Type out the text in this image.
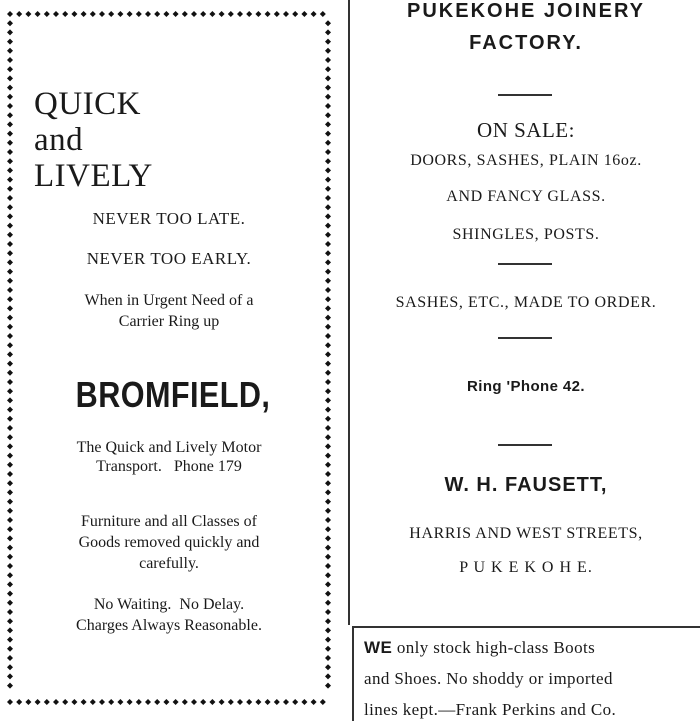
QUICK
and
LIVELY
NEVER TOO LATE.
NEVER TOO EARLY.
When in Urgent Need of a
Carrier Ring up
BROMFIELD,
The Quick and Lively Motor
Transport.   Phone 179
Furniture and all Classes of
Goods removed quickly and
carefully.
No Waiting.  No Delay.
Charges Always Reasonable.
PUKEKOHE JOINERY
FACTORY.
ON SALE:
DOORS, SASHES, PLAIN 16oz.
AND FANCY GLASS.
SHINGLES, POSTS.
SASHES, ETC., MADE TO ORDER.
Ring 'Phone 42.
W. H. FAUSETT,
HARRIS AND WEST STREETS,
P U K E K O H E.
WE only stock high-class Boots
and Shoes. No shoddy or imported
lines kept.—Frank Perkins and Co.
